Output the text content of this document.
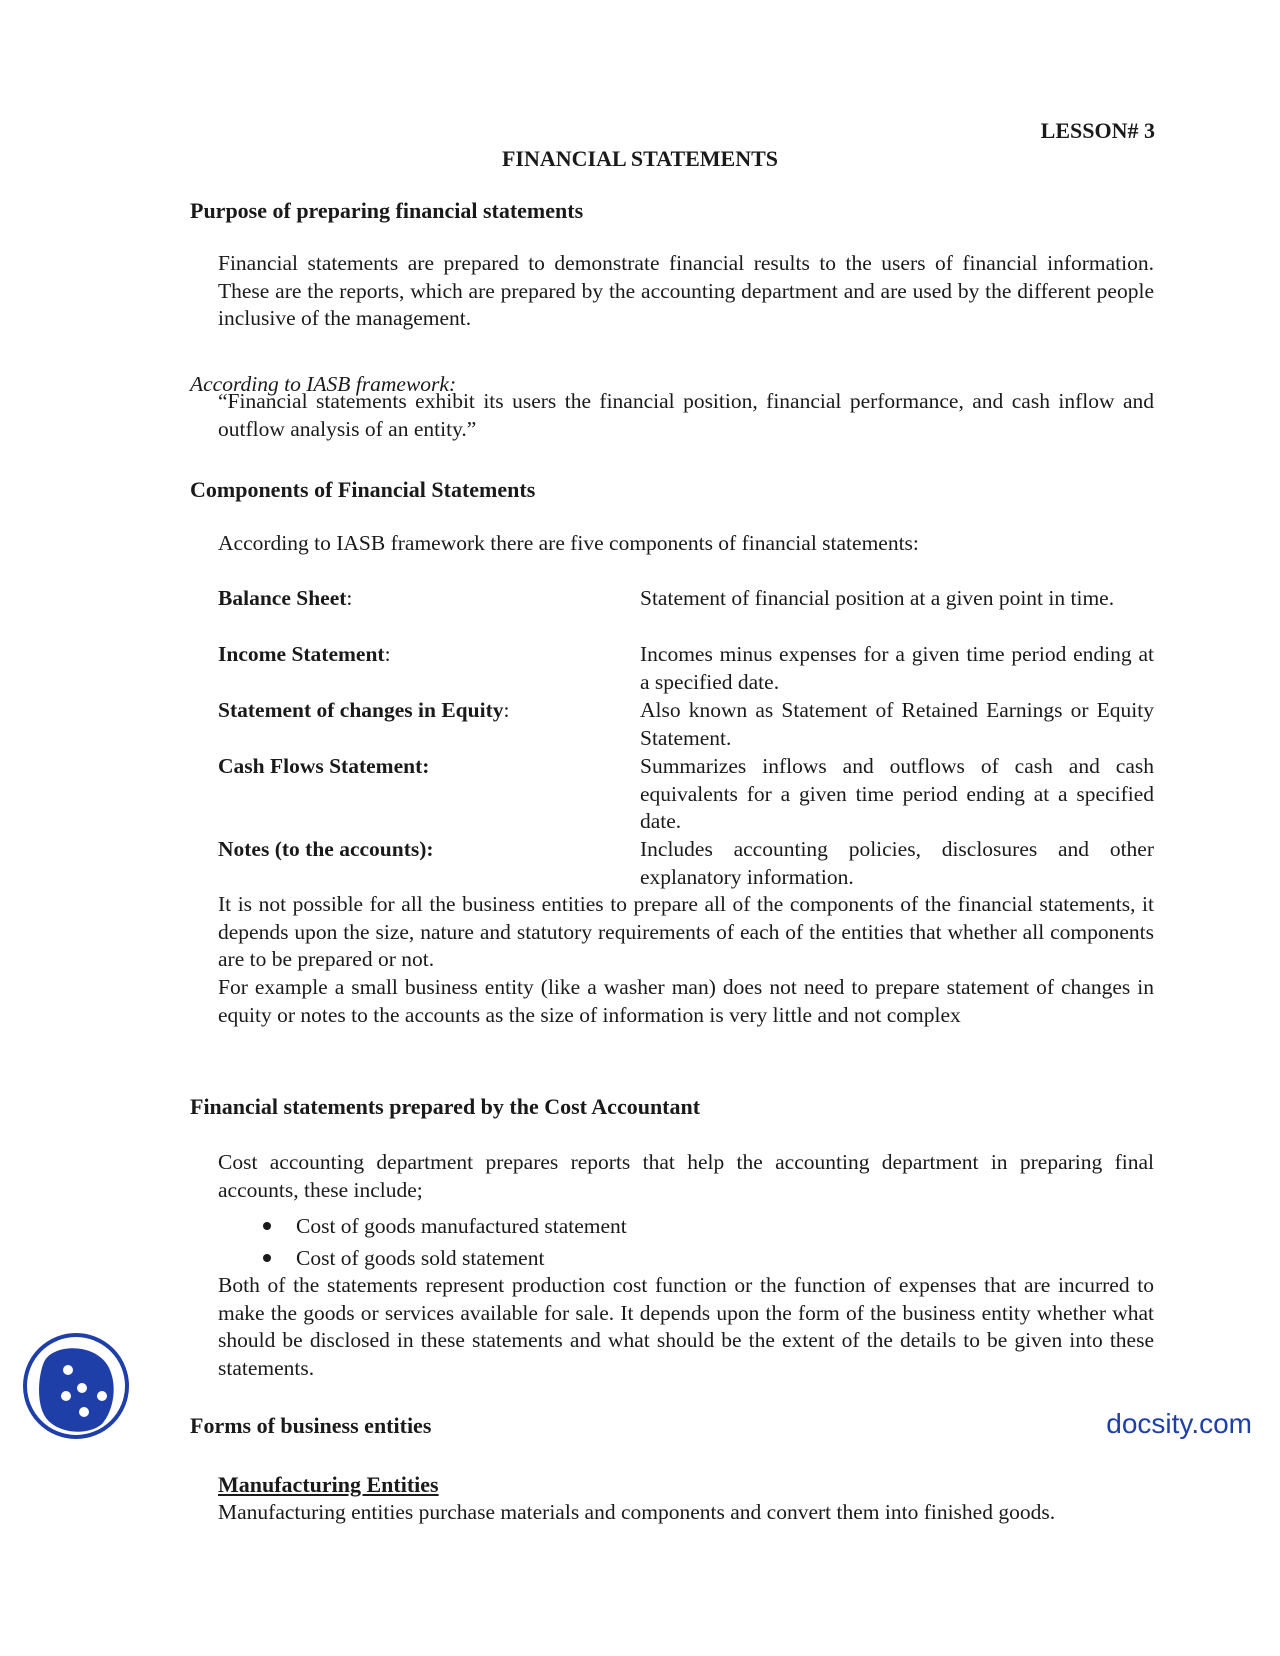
LESSON# 3
FINANCIAL STATEMENTS
Purpose of preparing financial statements
Financial statements are prepared to demonstrate financial results to the users of financial information. These are the reports, which are prepared by the accounting department and are used by the different people inclusive of the management.
According to IASB framework:
“Financial statements exhibit its users the financial position, financial performance, and cash inflow and outflow analysis of an entity.”
Components of Financial Statements
According to IASB framework there are five components of financial statements:
Balance Sheet:	Statement of financial position at a given point in time.
Income Statement:	Incomes minus expenses for a given time period ending at a specified date.
Statement of changes in Equity:	Also known as Statement of Retained Earnings or Equity Statement.
Cash Flows Statement:	Summarizes inflows and outflows of cash and cash equivalents for a given time period ending at a specified date.
Notes (to the accounts):	Includes accounting policies, disclosures and other explanatory information.
It is not possible for all the business entities to prepare all of the components of the financial statements, it depends upon the size, nature and statutory requirements of each of the entities that whether all components are to be prepared or not.
For example a small business entity (like a washer man) does not need to prepare statement of changes in equity or notes to the accounts as the size of information is very little and not complex
Financial statements prepared by the Cost Accountant
Cost accounting department prepares reports that help the accounting department in preparing final accounts, these include;
Cost of goods manufactured statement
Cost of goods sold statement
Both of the statements represent production cost function or the function of expenses that are incurred to make the goods or services available for sale. It depends upon the form of the business entity whether what should be disclosed in these statements and what should be the extent of the details to be given into these statements.
Forms of business entities
Manufacturing Entities
Manufacturing entities purchase materials and components and convert them into finished goods.
docsity.com
